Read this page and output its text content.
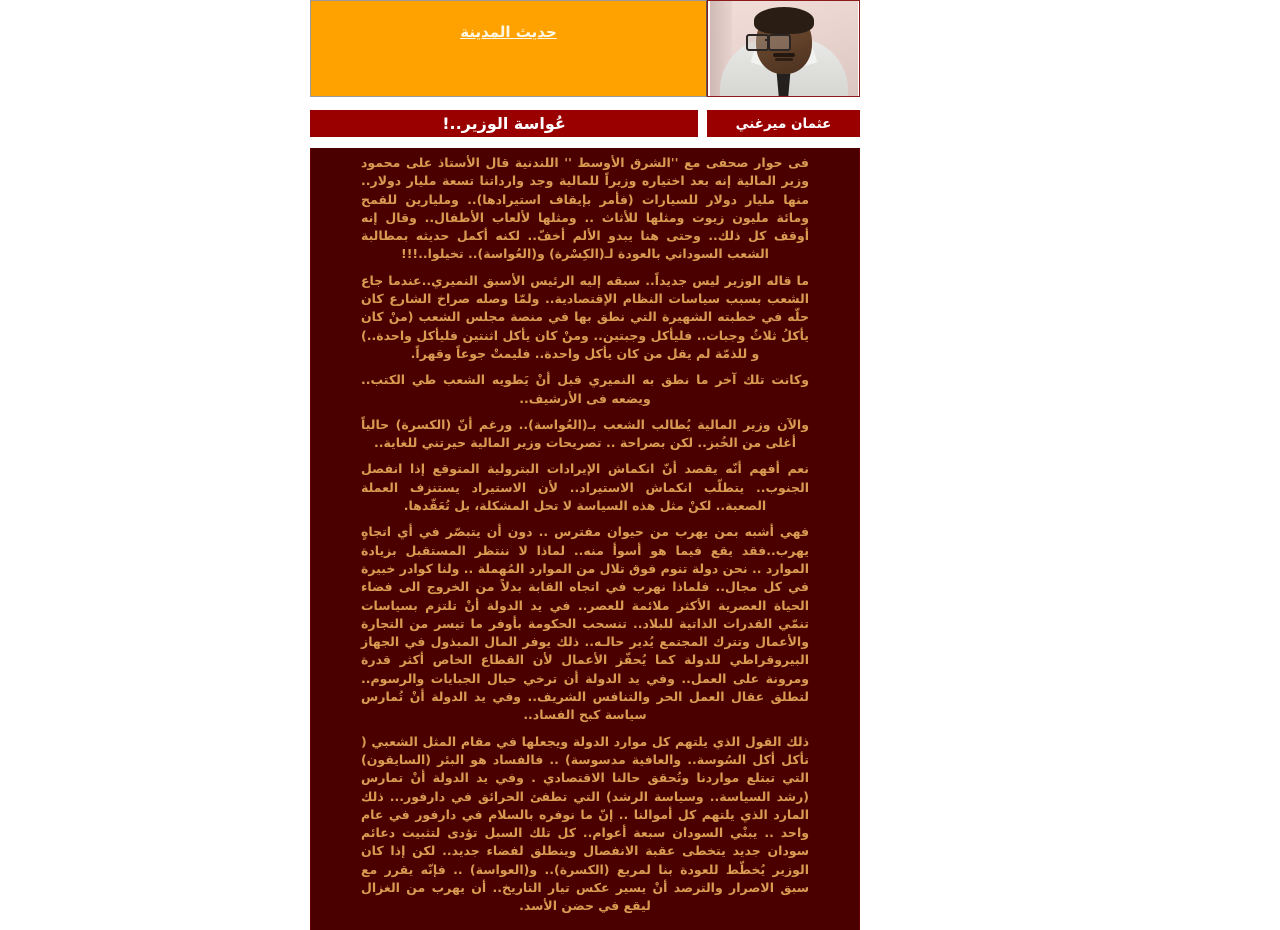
حديث المدينة
عثمان ميرغني
عُواسة الوزير..!

فى حوار صحفى مع ''الشرق الأوسط '' اللندنية قال الأستاذ على محمود وزير المالية إنه بعد اختياره وزيراً للمالية وجد وارداتنا تسعة مليار دولار.. منها مليار دولار للسيارات (فأمر بإيقاف استيرادها).. ومليارين للقمح ومائة مليون زيوت ومثلها للأثاث .. ومثلها لألعاب الأطفال.. وقال إنه أوقف كل ذلك.. وحتى هنا يبدو الألم أخفّ.. لكنه أكمل حديثه بمطالبة الشعب السوداني بالعودة لـ(الكِسْرة) و(العُواسة).. تخيلوا..!!!

ما قاله الوزير ليس جديداً.. سبقه إليه الرئيس الأسبق النميري..عندما جاع الشعب بسبب سياسات النظام الإقتصادية.. ولمّا وصله صراخ الشارع كان حلّه في خطبته الشهيرة التي نطق بها في منصة مجلس الشعب (منْ كان يأكلُ ثلاثُ وجبات.. فليأكل وجبتين.. ومنْ كان يأكل اثنتين فليأكل واحدة..) و للذمّة لم يقل من كان يأكل واحدة.. فليمتْ جوعاً وقهراً.

وكانت تلك آخر ما نطق به النميري قبل أنْ يَطويه الشعب طي الكتب.. ويضعه فى الأرشيف..

والآن وزير المالية يُطالب الشعب بـ(العُواسة).. ورغم أنّ (الكسرة) حالياً أغلى من الخُبز.. لكن بصراحة .. تصريحات وزير المالية حيرتني للغاية..

نعم أفهم أنّه يقصد أنّ انكماش الإيرادات البترولية المتوقع إذا انفصل الجنوب.. يتطلّب انكماش الاستيراد.. لأن الاستيراد يستنزف العملة الصعبة.. لكنْ مثل هذه السياسة لا تحل المشكلة، بل تُعَقّدها.

فهي أشبه بمن يهرب من حيوان مفترس .. دون أن يتبصّر في أي اتجاهٍ يهرب..فقد يقع فيما هو أسوأ منه.. لماذا لا ننتظر المستقبل بزيادة الموارد .. نحن دولة تنوم فوق تلال من الموارد المُهملة .. ولنا كوادر خبيرة في كل مجال.. فلماذا نهرب في اتجاه القابة بدلاً من الخروج الى فضاء الحياة العصرية الأكثر ملائمة للعصر.. في يد الدولة أنْ تلتزم بسياسات تنمّي القدرات الذاتية للبلاد.. تنسحب الحكومة بأوفر ما تيسر من التجارة والأعمال وتترك المجتمع يُدير حالـه.. ذلك يوفر المال المبذول في الجهاز البيروقراطي للدولة كما يُحفّز الأعمال لأن القطاع الخاص أكثر قدرة ومرونة على العمل.. وفي يد الدولة أن ترخي حبال الجبايات والرسوم.. لتطلق عقال العمل الحر والتنافس الشريف.. وفي يد الدولة أنْ تُمارس سياسة كبح الفساد..

ذلك القول الذي يلتهم كل موارد الدولة ويجعلها في مقام المثل الشعبي ( تأكل أكل السُوسة.. والعافية مدسوسة) .. فالفساد هو البئر (السايقون) التي تبتلع مواردنا وتُحقق حالنا الاقتصادي . وفي يد الدولة أنْ تمارس (رشد السياسة.. وسياسة الرشد) التي تطفئ الحرائق في دارفور... ذلك المارد الذي يلتهم كل أموالنا .. إنّ ما نوفره بالسلام في دارفور في عام واحد .. يبنْي السودان سبعة أعوام.. كل تلك السبل تؤدى لتثبيت دعائم سودان جديد يتخطى عقبة الانفصال وينطلق لفضاء جديد.. لكن إذا كان الوزير يُخطّط للعودة بنا لمربع (الكسرة).. و(العواسة) .. فإنّه يقرر مع سبق الاصرار والترصد أنْ يسير عكس تيار التاريخ.. أن يهرب من الغزال ليقع في حضن الأسد.
